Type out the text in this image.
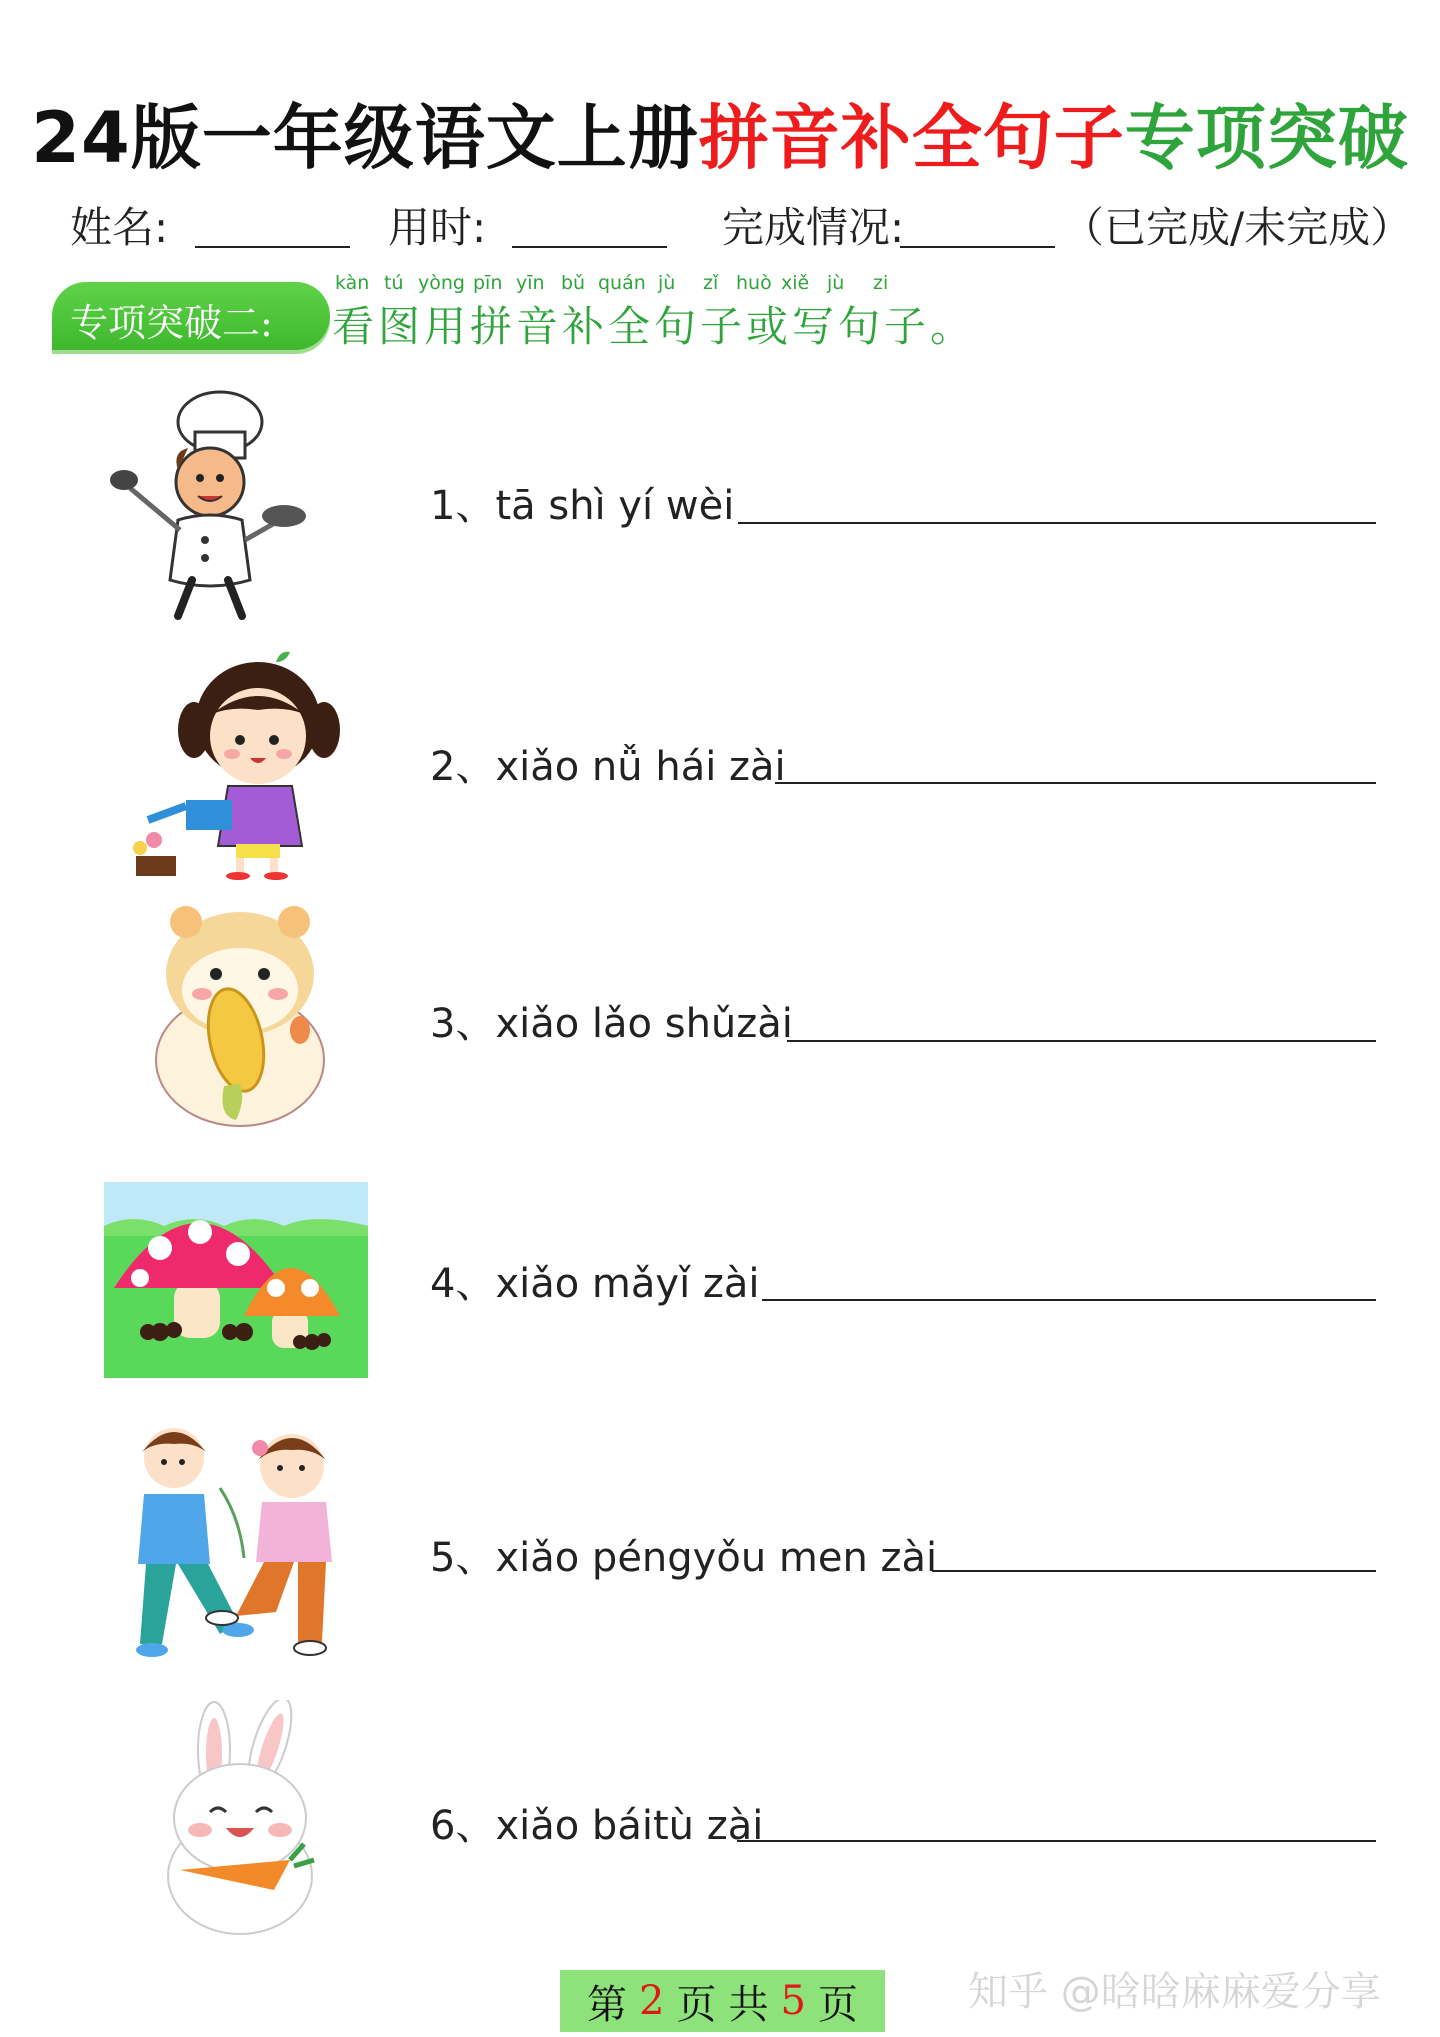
24版一年级语文上册拼音补全句子专项突破
姓名:	用时:	完成情况:	（已完成/未完成）
专项突破二:
kàn tú yòng pīn yīn bǔ quán jù zǐ huò xiě jù zi
看图用拼音补全句子或写句子。
1、tā shì yí wèi
2、xiǎo nǚ hái zài
3、xiǎo lǎo shǔzài
4、xiǎo mǎyǐ zài
5、xiǎo péngyǒu men zài
6、xiǎo báitù zài
第 2 页 共 5 页	知乎 @晗晗麻麻爱分享
